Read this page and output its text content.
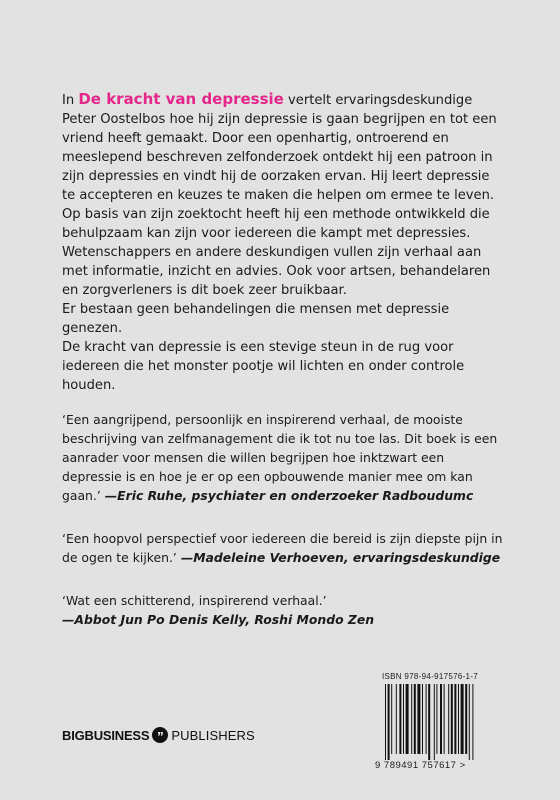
In De kracht van depressie vertelt ervaringsdeskundige Peter Oostelbos hoe hij zijn depressie is gaan begrijpen en tot een vriend heeft gemaakt. Door een openhartig, ontroerend en meeslepend beschreven zelfonderzoek ontdekt hij een patroon in zijn depressies en vindt hij de oorzaken ervan. Hij leert depressie te accepteren en keuzes te maken die helpen om ermee te leven.
Op basis van zijn zoektocht heeft hij een methode ontwikkeld die behulpzaam kan zijn voor iedereen die kampt met depressies.
Wetenschappers en andere deskundigen vullen zijn verhaal aan met informatie, inzicht en advies. Ook voor artsen, behandelaren en zorgverleners is dit boek zeer bruikbaar.
Er bestaan geen behandelingen die mensen met depressie genezen.
De kracht van depressie is een stevige steun in de rug voor iedereen die het monster pootje wil lichten en onder controle houden.

‘Een aangrijpend, persoonlijk en inspirerend verhaal, de mooiste beschrijving van zelfmanagement die ik tot nu toe las. Dit boek is een aanrader voor mensen die willen begrijpen hoe inktzwart een depressie is en hoe je er op een opbouwende manier mee om kan gaan.’ —Eric Ruhe, psychiater en onderzoeker Radboudumc

‘Een hoopvol perspectief voor iedereen die bereid is zijn diepste pijn in de ogen te kijken.’ —Madeleine Verhoeven, ervaringsdeskundige

‘Wat een schitterend, inspirerend verhaal.’
—Abbot Jun Po Denis Kelly, Roshi Mondo Zen

BIGBUSINESS ” PUBLISHERS
ISBN 978-94-917576-1-7
9 789491 757617 >
